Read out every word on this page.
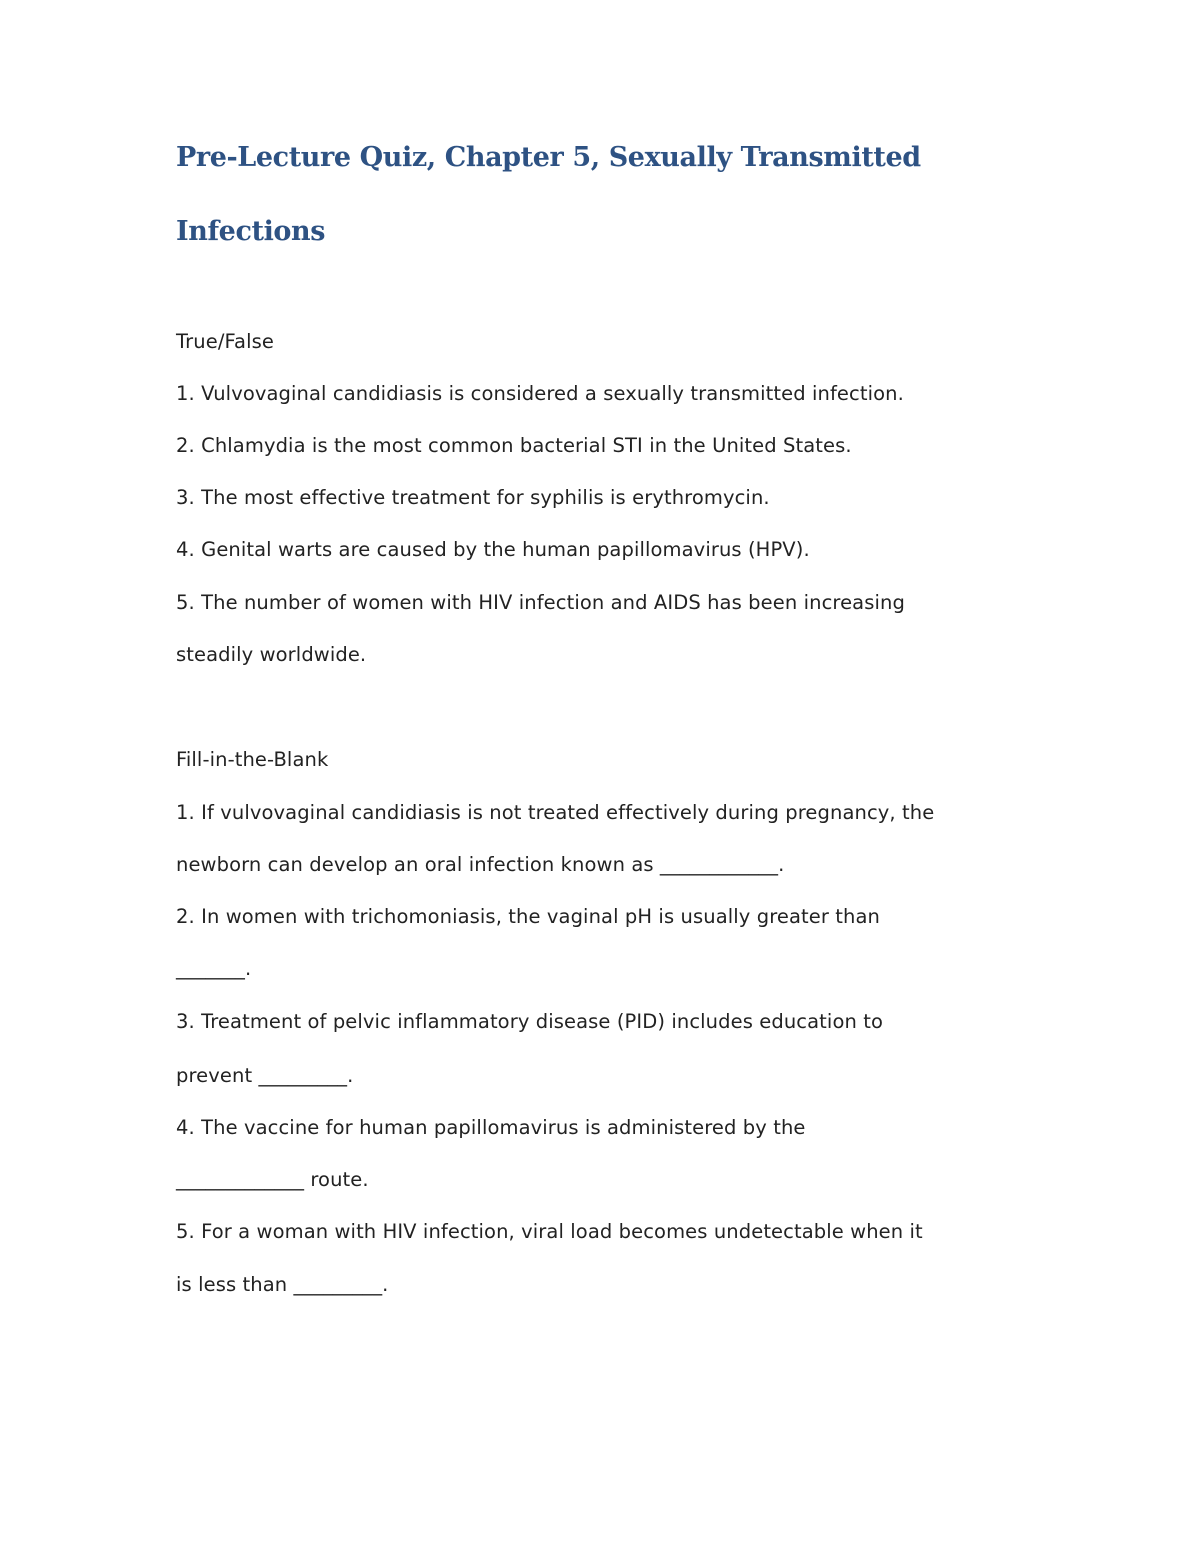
Pre-Lecture Quiz, Chapter 5, Sexually Transmitted
Infections

True/False

1. Vulvovaginal candidiasis is considered a sexually transmitted infection.

2. Chlamydia is the most common bacterial STI in the United States.

3. The most effective treatment for syphilis is erythromycin.

4. Genital warts are caused by the human papillomavirus (HPV).

5. The number of women with HIV infection and AIDS has been increasing

steadily worldwide.

Fill-in-the-Blank

1. If vulvovaginal candidiasis is not treated effectively during pregnancy, the

newborn can develop an oral infection known as ____________.

2. In women with trichomoniasis, the vaginal pH is usually greater than

_______.

3. Treatment of pelvic inflammatory disease (PID) includes education to

prevent _________.

4. The vaccine for human papillomavirus is administered by the

_____________ route.

5. For a woman with HIV infection, viral load becomes undetectable when it

is less than _________.
